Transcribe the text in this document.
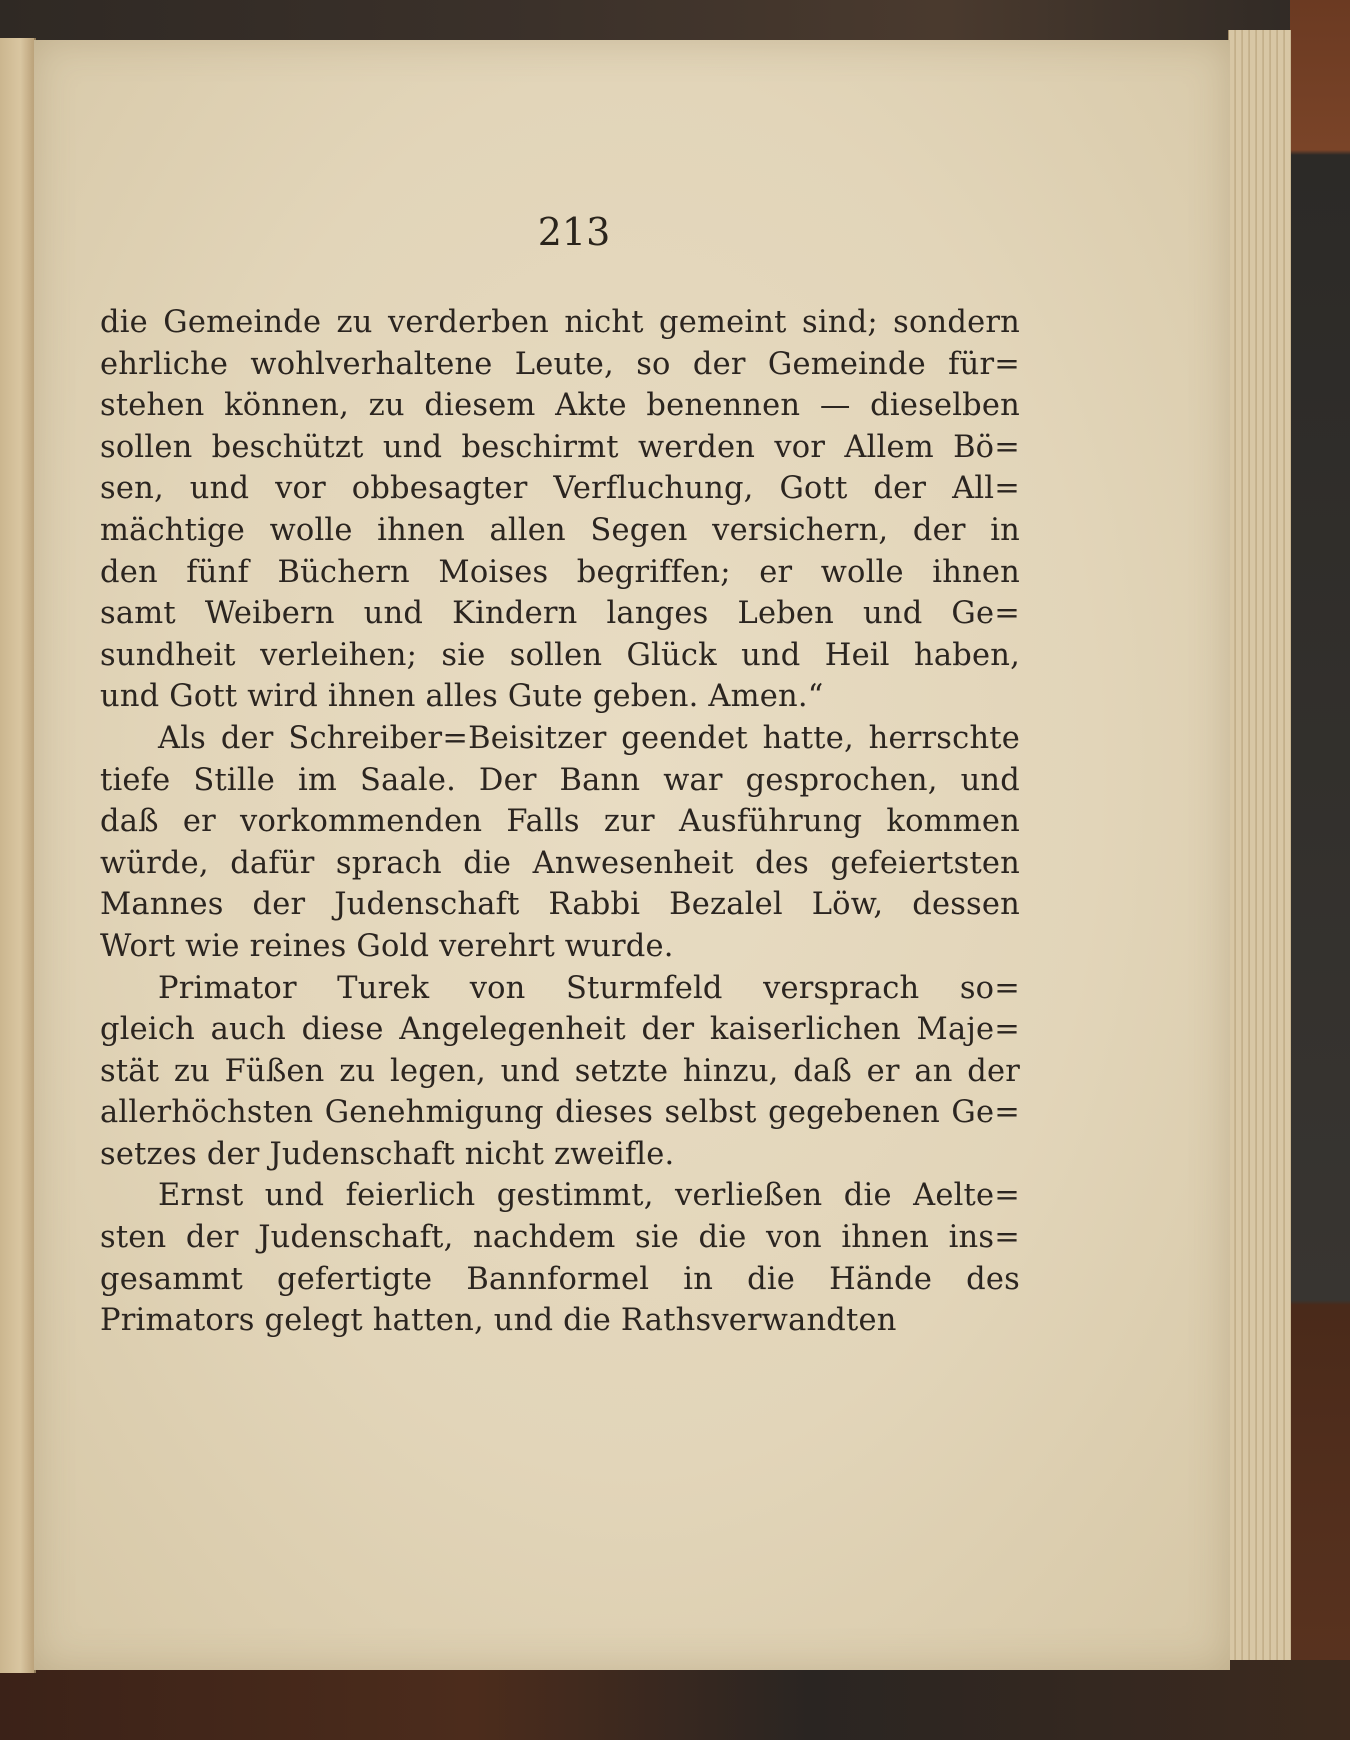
213
die Gemeinde zu verderben nicht gemeint sind; sondern
ehrliche wohlverhaltene Leute, so der Gemeinde für=
stehen können, zu diesem Akte benennen — dieselben
sollen beschützt und beschirmt werden vor Allem Bö=
sen, und vor obbesagter Verfluchung, Gott der All=
mächtige wolle ihnen allen Segen versichern, der in
den fünf Büchern Moises begriffen; er wolle ihnen
samt Weibern und Kindern langes Leben und Ge=
sundheit verleihen; sie sollen Glück und Heil haben,
und Gott wird ihnen alles Gute geben. Amen.“
Als der Schreiber=Beisitzer geendet hatte, herrschte
tiefe Stille im Saale. Der Bann war gesprochen, und
daß er vorkommenden Falls zur Ausführung kommen
würde, dafür sprach die Anwesenheit des gefeiertsten
Mannes der Judenschaft Rabbi Bezalel Löw, dessen
Wort wie reines Gold verehrt wurde.
Primator Turek von Sturmfeld versprach so=
gleich auch diese Angelegenheit der kaiserlichen Maje=
stät zu Füßen zu legen, und setzte hinzu, daß er an der
allerhöchsten Genehmigung dieses selbst gegebenen Ge=
setzes der Judenschaft nicht zweifle.
Ernst und feierlich gestimmt, verließen die Aelte=
sten der Judenschaft, nachdem sie die von ihnen ins=
gesammt gefertigte Bannformel in die Hände des
Primators gelegt hatten, und die Rathsverwandten
